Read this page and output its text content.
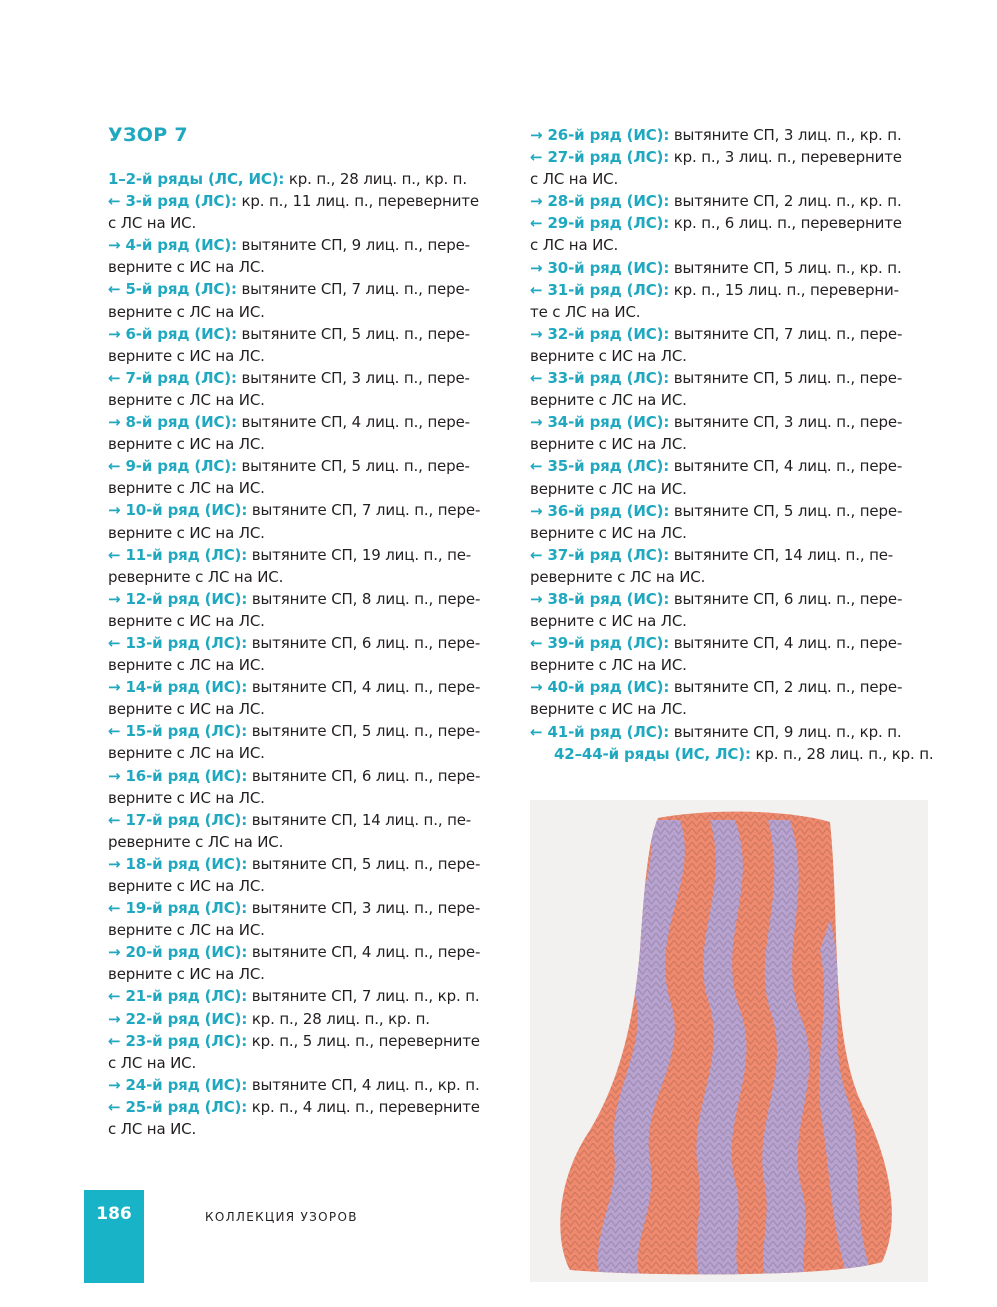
УЗОР 7
1–2-й ряды (ЛС, ИС): кр. п., 28 лиц. п., кр. п.
← 3-й ряд (ЛС): кр. п., 11 лиц. п., переверните
с ЛС на ИС.
→ 4-й ряд (ИС): вытяните СП, 9 лиц. п., пере-
верните с ИС на ЛС.
← 5-й ряд (ЛС): вытяните СП, 7 лиц. п., пере-
верните с ЛС на ИС.
→ 6-й ряд (ИС): вытяните СП, 5 лиц. п., пере-
верните с ИС на ЛС.
← 7-й ряд (ЛС): вытяните СП, 3 лиц. п., пере-
верните с ЛС на ИС.
→ 8-й ряд (ИС): вытяните СП, 4 лиц. п., пере-
верните с ИС на ЛС.
← 9-й ряд (ЛС): вытяните СП, 5 лиц. п., пере-
верните с ЛС на ИС.
→ 10-й ряд (ИС): вытяните СП, 7 лиц. п., пере-
верните с ИС на ЛС.
← 11-й ряд (ЛС): вытяните СП, 19 лиц. п., пе-
реверните с ЛС на ИС.
→ 12-й ряд (ИС): вытяните СП, 8 лиц. п., пере-
верните с ИС на ЛС.
← 13-й ряд (ЛС): вытяните СП, 6 лиц. п., пере-
верните с ЛС на ИС.
→ 14-й ряд (ИС): вытяните СП, 4 лиц. п., пере-
верните с ИС на ЛС.
← 15-й ряд (ЛС): вытяните СП, 5 лиц. п., пере-
верните с ЛС на ИС.
→ 16-й ряд (ИС): вытяните СП, 6 лиц. п., пере-
верните с ИС на ЛС.
← 17-й ряд (ЛС): вытяните СП, 14 лиц. п., пе-
реверните с ЛС на ИС.
→ 18-й ряд (ИС): вытяните СП, 5 лиц. п., пере-
верните с ИС на ЛС.
← 19-й ряд (ЛС): вытяните СП, 3 лиц. п., пере-
верните с ЛС на ИС.
→ 20-й ряд (ИС): вытяните СП, 4 лиц. п., пере-
верните с ИС на ЛС.
← 21-й ряд (ЛС): вытяните СП, 7 лиц. п., кр. п.
→ 22-й ряд (ИС): кр. п., 28 лиц. п., кр. п.
← 23-й ряд (ЛС): кр. п., 5 лиц. п., переверните
с ЛС на ИС.
→ 24-й ряд (ИС): вытяните СП, 4 лиц. п., кр. п.
← 25-й ряд (ЛС): кр. п., 4 лиц. п., переверните
с ЛС на ИС.
→ 26-й ряд (ИС): вытяните СП, 3 лиц. п., кр. п.
← 27-й ряд (ЛС): кр. п., 3 лиц. п., переверните
с ЛС на ИС.
→ 28-й ряд (ИС): вытяните СП, 2 лиц. п., кр. п.
← 29-й ряд (ЛС): кр. п., 6 лиц. п., переверните
с ЛС на ИС.
→ 30-й ряд (ИС): вытяните СП, 5 лиц. п., кр. п.
← 31-й ряд (ЛС): кр. п., 15 лиц. п., переверни-
те с ЛС на ИС.
→ 32-й ряд (ИС): вытяните СП, 7 лиц. п., пере-
верните с ИС на ЛС.
← 33-й ряд (ЛС): вытяните СП, 5 лиц. п., пере-
верните с ЛС на ИС.
→ 34-й ряд (ИС): вытяните СП, 3 лиц. п., пере-
верните с ИС на ЛС.
← 35-й ряд (ЛС): вытяните СП, 4 лиц. п., пере-
верните с ЛС на ИС.
→ 36-й ряд (ИС): вытяните СП, 5 лиц. п., пере-
верните с ИС на ЛС.
← 37-й ряд (ЛС): вытяните СП, 14 лиц. п., пе-
реверните с ЛС на ИС.
→ 38-й ряд (ИС): вытяните СП, 6 лиц. п., пере-
верните с ИС на ЛС.
← 39-й ряд (ЛС): вытяните СП, 4 лиц. п., пере-
верните с ЛС на ИС.
→ 40-й ряд (ИС): вытяните СП, 2 лиц. п., пере-
верните с ИС на ЛС.
← 41-й ряд (ЛС): вытяните СП, 9 лиц. п., кр. п.
42–44-й ряды (ИС, ЛС): кр. п., 28 лиц. п., кр. п.
186	КОЛЛЕКЦИЯ УЗОРОВ
